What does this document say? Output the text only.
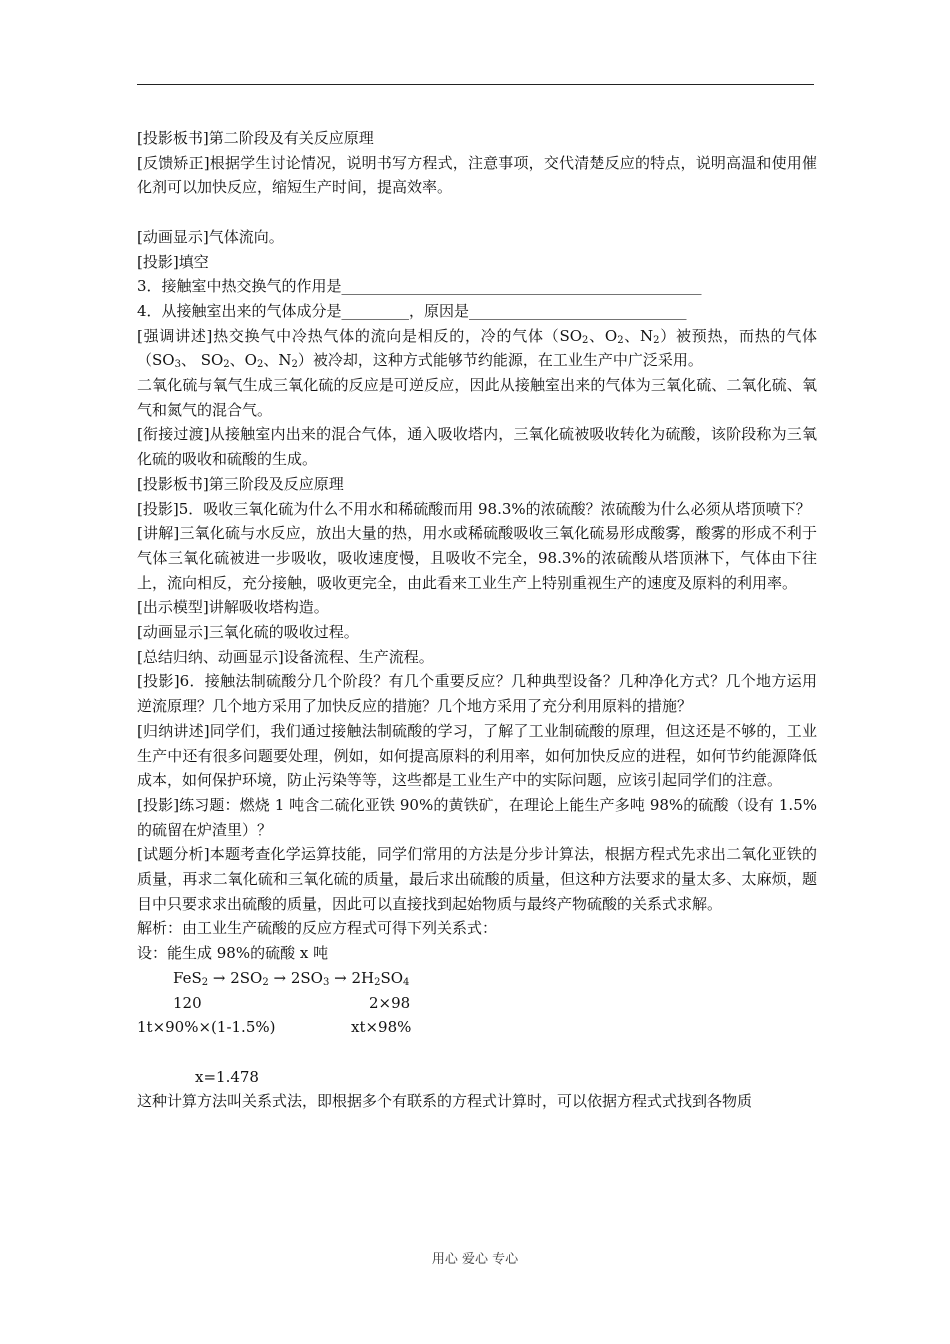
[投影板书]第二阶段及有关反应原理

[反馈矫正]根据学生讨论情况，说明书写方程式，注意事项，交代清楚反应的特点，说明高温和使用催化剂可以加快反应，缩短生产时间，提高效率。

[动画显示]气体流向。

[投影]填空

3．接触室中热交换气的作用是________________________________________________

4．从接触室出来的气体成分是_________，原因是_____________________________

[强调讲述]热交换气中冷热气体的流向是相反的，冷的气体（$SO_2$、$O_2$、$N_2$）被预热，而热的气体（$SO_3$、 $SO_2$、$O_2$、$N_2$）被冷却，这种方式能够节约能源，在工业生产中广泛采用。

二氧化硫与氧气生成三氧化硫的反应是可逆反应，因此从接触室出来的气体为三氧化硫、二氧化硫、氧气和氮气的混合气。

[衔接过渡]从接触室内出来的混合气体，通入吸收塔内，三氧化硫被吸收转化为硫酸，该阶段称为三氧化硫的吸收和硫酸的生成。

[投影板书]第三阶段及反应原理

[投影]5．吸收三氧化硫为什么不用水和稀硫酸而用 98.3%的浓硫酸？浓硫酸为什么必须从塔顶喷下？

[讲解]三氧化硫与水反应，放出大量的热，用水或稀硫酸吸收三氧化硫易形成酸雾，酸雾的形成不利于气体三氧化硫被进一步吸收，吸收速度慢，且吸收不完全，98.3%的浓硫酸从塔顶淋下，气体由下往上，流向相反，充分接触，吸收更完全，由此看来工业生产上特别重视生产的速度及原料的利用率。

[出示模型]讲解吸收塔构造。

[动画显示]三氧化硫的吸收过程。

[总结归纳、动画显示]设备流程、生产流程。

[投影]6．接触法制硫酸分几个阶段？有几个重要反应？几种典型设备？几种净化方式？几个地方运用逆流原理？几个地方采用了加快反应的措施？几个地方采用了充分利用原料的措施？

[归纳讲述]同学们，我们通过接触法制硫酸的学习，了解了工业制硫酸的原理，但这还是不够的，工业生产中还有很多问题要处理，例如，如何提高原料的利用率，如何加快反应的进程，如何节约能源降低成本，如何保护环境，防止污染等等，这些都是工业生产中的实际问题，应该引起同学们的注意。

[投影]练习题：燃烧 1 吨含二硫化亚铁 90%的黄铁矿，在理论上能生产多吨 98%的硫酸（设有 1.5%的硫留在炉渣里）？

[试题分析]本题考查化学运算技能，同学们常用的方法是分步计算法，根据方程式先求出二氧化亚铁的质量，再求二氧化硫和三氧化硫的质量，最后求出硫酸的质量，但这种方法要求的量太多、太麻烦，题目中只要求求出硫酸的质量，因此可以直接找到起始物质与最终产物硫酸的关系式求解。

解析：由工业生产硫酸的反应方程式可得下列关系式：

设：能生成 98%的硫酸 x 吨

$FeS_2 \to 2SO_2 \to 2SO_3 \to 2H_2SO_4$
120	2×98
1t×90%×(1-1.5%)	xt×98%
x=1.478

这种计算方法叫关系式法，即根据多个有联系的方程式计算时，可以依据方程式式找到各物质

用心 爱心 专心
